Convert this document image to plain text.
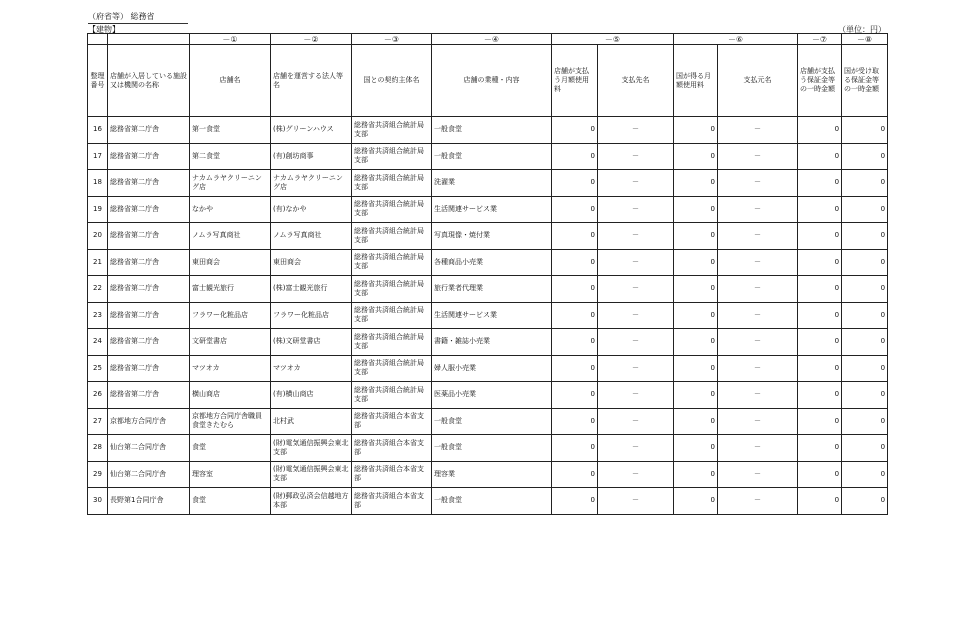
（府省等） 総務省
【建物】	（単位：円）
		－①	－②	－③	－④	－⑤		－⑥		－⑦	－⑧
整理番号	店舗が入居している施設又は機関の名称	店舗名	店舗を運営する法人等名	国との契約主体名	店舗の業種・内容	店舗が支払う月額使用料	支払先名	国が得る月額使用料	支払元名	店舗が支払う保証金等の一時金額	国が受け取る保証金等の一時金額
16	総務省第二庁舎	第一食堂	(株)グリーンハウス	総務省共済組合統計局支部	一般食堂	0	－	0	－	0	0
17	総務省第二庁舎	第二食堂	(有)創坊商事	総務省共済組合統計局支部	一般食堂	0	－	0	－	0	0
18	総務省第二庁舎	ナカムラヤクリーニング店	ナカムラヤクリーニング店	総務省共済組合統計局支部	洗濯業	0	－	0	－	0	0
19	総務省第二庁舎	なかや	(有)なかや	総務省共済組合統計局支部	生活関連サービス業	0	－	0	－	0	0
20	総務省第二庁舎	ノムラ写真商社	ノムラ写真商社	総務省共済組合統計局支部	写真現像・焼付業	0	－	0	－	0	0
21	総務省第二庁舎	東田商会	東田商会	総務省共済組合統計局支部	各種商品小売業	0	－	0	－	0	0
22	総務省第二庁舎	富士観光旅行	(株)富士観光旅行	総務省共済組合統計局支部	旅行業者代理業	0	－	0	－	0	0
23	総務省第二庁舎	フラワー化粧品店	フラワー化粧品店	総務省共済組合統計局支部	生活関連サービス業	0	－	0	－	0	0
24	総務省第二庁舎	文研堂書店	(株)文研堂書店	総務省共済組合統計局支部	書籍・雑誌小売業	0	－	0	－	0	0
25	総務省第二庁舎	マツオカ	マツオカ	総務省共済組合統計局支部	婦人服小売業	0	－	0	－	0	0
26	総務省第二庁舎	横山商店	(有)横山商店	総務省共済組合統計局支部	医薬品小売業	0	－	0	－	0	0
27	京都地方合同庁舎	京都地方合同庁舎職員食堂きたむら	北村武	総務省共済組合本省支部	一般食堂	0	－	0	－	0	0
28	仙台第二合同庁舎	食堂	(財)電気通信振興会東北支部	総務省共済組合本省支部	一般食堂	0	－	0	－	0	0
29	仙台第二合同庁舎	理容室	(財)電気通信振興会東北支部	総務省共済組合本省支部	理容業	0	－	0	－	0	0
30	長野第1合同庁舎	食堂	(財)郵政弘済会信越地方本部	総務省共済組合本省支部	一般食堂	0	－	0	－	0	0
